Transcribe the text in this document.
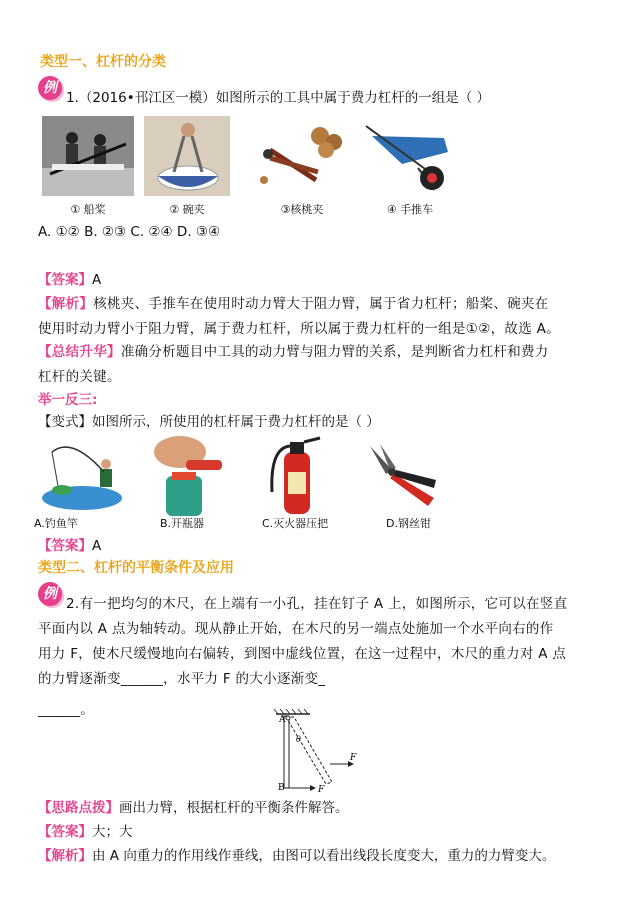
类型一、杠杆的分类
例
1.（2016•邗江区一模）如图所示的工具中属于费力杠杆的一组是（ ）
① 船桨	② 碗夹	③核桃夹	④ 手推车
A. ①② B. ②③ C. ②④ D. ③④
【答案】A
【解析】核桃夹、手推车在使用时动力臂大于阻力臂，属于省力杠杆；船桨、碗夹在
使用时动力臂小于阻力臂，属于费力杠杆，所以属于费力杠杆的一组是①②，故选 A。
【总结升华】准确分析题目中工具的动力臂与阻力臂的关系，是判断省力杠杆和费力
杠杆的关键。
举一反三:
【变式】如图所示，所使用的杠杆属于费力杠杆的是（ ）
A.钓鱼竿	B.开瓶器	C.灭火器压把	D.钢丝钳
【答案】A
类型二、杠杆的平衡条件及应用
例
2.有一把均匀的木尺，在上端有一小孔，挂在钉子 A 上，如图所示，它可以在竖直
平面内以 A 点为轴转动。现从静止开始，在木尺的另一端点处施加一个水平向右的作
用力 F，使木尺缓慢地向右偏转，到图中虚线位置，在这一过程中，木尺的重力对 A 点
的力臂逐渐变______，水平力 F 的大小逐渐变_
______。
A
θ
B	F
F
【思路点拨】画出力臂，根据杠杆的平衡条件解答。
【答案】大；大
【解析】由 A 向重力的作用线作垂线，由图可以看出线段长度变大，重力的力臂变大。
